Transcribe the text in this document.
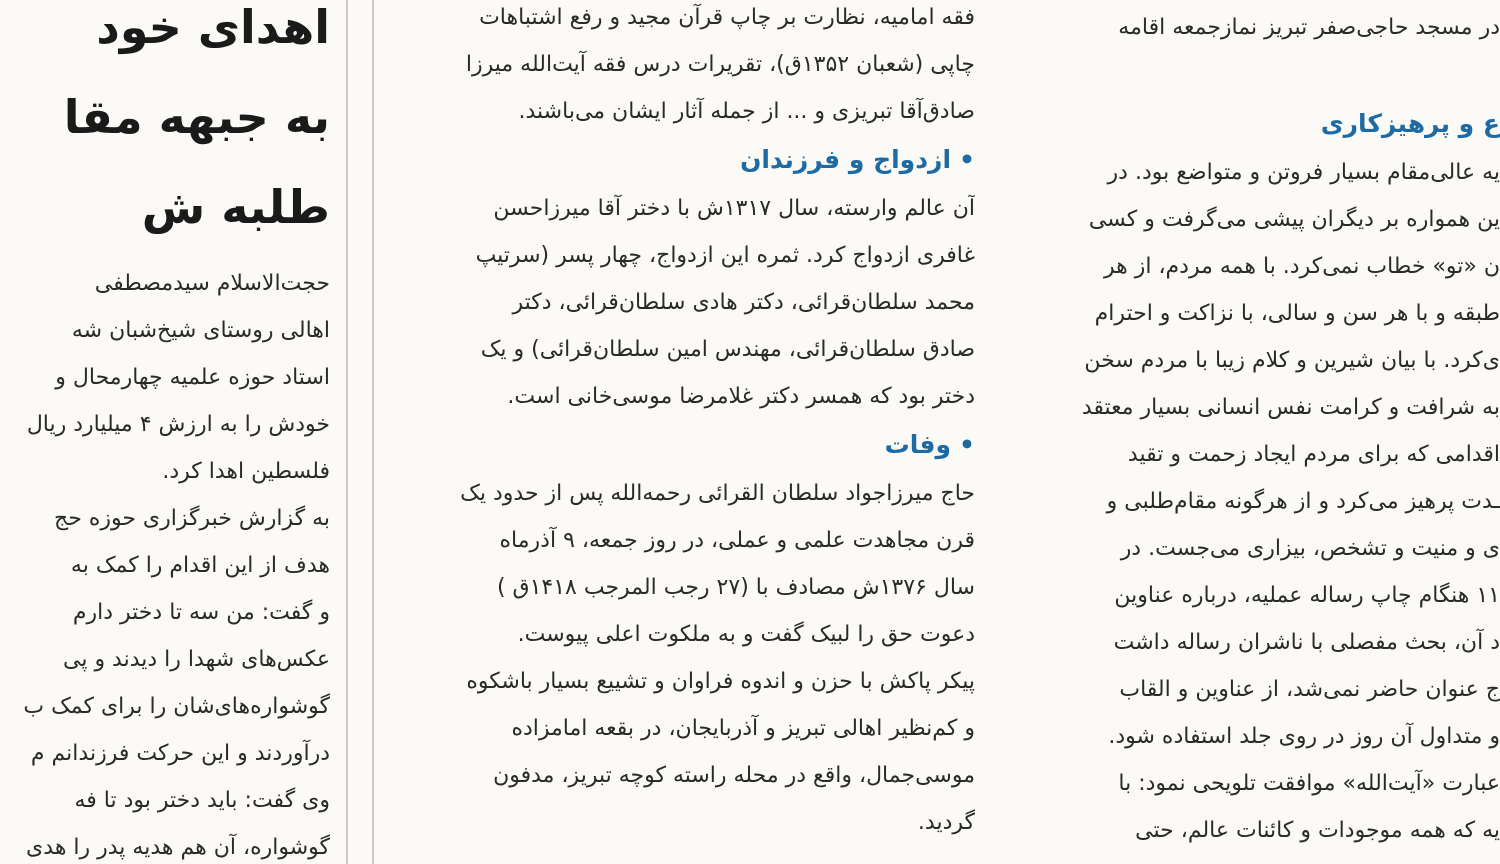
اهدای خود

به جبهه مقا

طلبه ش

حجت‌الاسلام سید‌مصطفی

اهالی روستای شیخ‌شبان شه

استاد حوزه علمیه چهارمحال و

خودش را به ارزش ۴ میلیارد ریال

فلسطین اهدا کرد.

به گزارش خبرگزاری حوزه حج

هدف از این اقدام را کمک به

و گفت: من سه تا دختر دارم

عکس‌های شهدا را دیدند و پی

گوشواره‌های‌شان را برای کمک ب

درآوردند و این حرکت فرزندانم م

وی گفت: باید دختر بود تا فه

گوشواره، آن هم هدیه پدر را هدی

فقه امامیه، نظارت بر چاپ قرآن مجید و رفع اشتباهات

چاپی (شعبان ۱۳۵۲ق)، تقریرات درس فقه آیت‌الله میرزا

صادق‌آقا تبریزی و ... از جمله آثار ایشان می‌باشند.

•ازدواج و فرزندان

آن عالم وارسته، سال ۱۳۱۷ش با دختر آقا میرزاحسن

غافری ازدواج کرد. ثمره این ازدواج، چهار پسر (سرتیپ

محمد سلطان‌قرائی، دکتر هادی سلطان‌قرائی، دکتر

صادق سلطان‌قرائی، مهندس امین سلطان‌قرائی) و یک

دختر بود که همسر دکتر غلامرضا موسی‌خانی است.

•وفات

حاج میرزاجواد سلطان القرائی رحمه‌الله پس از حدود یک

قرن مجاهدت علمی و عملی، در روز جمعه، ۹ آذرماه

سال ۱۳۷۶ش مصادف با (۲۷ رجب المرجب ۱۴۱۸ق )

دعوت حق را لبیک گفت و به ملکوت اعلی پیوست.

پیکر پاکش با حزن و اندوه فراوان و تشییع بسیار باشکوه

و کم‌نظیر اهالی تبریز و آذربایجان، در بقعه امامزاده

موسی‌جمال، واقع در محله راسته کوچه تبریز، مدفون

گردید.

در مسجد حاجی‌صفر تبریز نمازجمعه اقامه

ع و پرهیزکاری

یه عالی‌مقام بسیار فروتن و متواضع بود. در

ین همواره بر دیگران پیشی می‌گرفت و کسی

ن «تو» خطاب نمی‌کرد. با همه مردم، از هر

طبقه و با هر سن و سالی، با نزاکت و احترام

ی‌کرد. با بیان شیرین و کلام زیبا با مردم سخن

به شرافت و کرامت نفس انسانی بسیار معتقد

اقدامی که برای مردم ایجاد زحمت و تقید

ـدت پرهیز می‌کرد و از هرگونه مقام‌طلبی و

ی و منیت و تشخص، بیزاری می‌جست. در

۱۱ هنگام چاپ رساله عملیه، درباره عناوین

د آن، بحث مفصلی با ناشران رساله داشت

ج عنوان حاضر نمی‌شد، از عناوین و القاب

و متداول آن روز در روی جلد استفاده شود.

عبارت «آیت‌الله» موافقت تلویحی نمود: با

یه که همه موجودات و کائنات عالم، حتی
